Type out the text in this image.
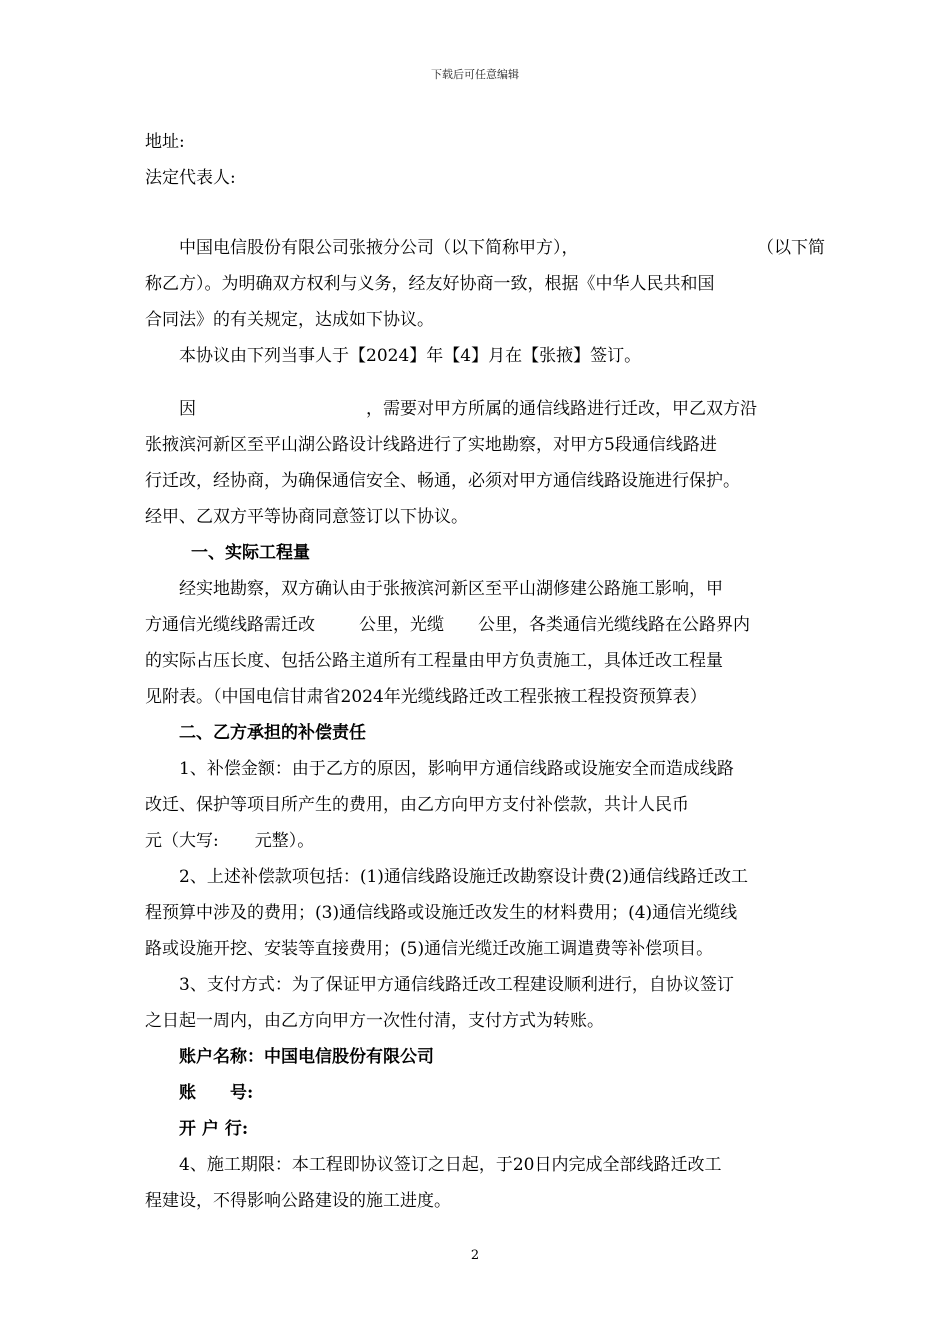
下载后可任意编辑
地址:
法定代表人:
中国电信股份有限公司张掖分公司（以下简称甲方），	（以下简
称乙方）。为明确双方权利与义务，经友好协商一致，根据《中华人民共和国
合同法》的有关规定，达成如下协议。
本协议由下列当事人于【2024】年【4】月在【张掖】签订。
因	，需要对甲方所属的通信线路进行迁改，甲乙双方沿
张掖滨河新区至平山湖公路设计线路进行了实地勘察，对甲方5段通信线路进
行迁改，经协商，为确保通信安全、畅通，必须对甲方通信线路设施进行保护。
经甲、乙双方平等协商同意签订以下协议。
一、实际工程量
经实地勘察，双方确认由于张掖滨河新区至平山湖修建公路施工影响，甲
方通信光缆线路需迁改	公里，光缆 公里，各类通信光缆线路在公路界内
的实际占压长度、包括公路主道所有工程量由甲方负责施工，具体迁改工程量
见附表。（中国电信甘肃省2024年光缆线路迁改工程张掖工程投资预算表）
二、乙方承担的补偿责任
1、补偿金额：由于乙方的原因，影响甲方通信线路或设施安全而造成线路
改迁、保护等项目所产生的费用，由乙方向甲方支付补偿款，共计人民币
元（大写: 元整）。
2、上述补偿款项包括：(1)通信线路设施迁改勘察设计费(2)通信线路迁改工
程预算中涉及的费用；(3)通信线路或设施迁改发生的材料费用；(4)通信光缆线
路或设施开挖、安装等直接费用；(5)通信光缆迁改施工调遣费等补偿项目。
3、支付方式：为了保证甲方通信线路迁改工程建设顺利进行，自协议签订
之日起一周内，由乙方向甲方一次性付清，支付方式为转账。
账户名称：中国电信股份有限公司
账　　号:
开 户 行:
4、施工期限：本工程即协议签订之日起，于20日内完成全部线路迁改工
程建设，不得影响公路建设的施工进度。
2
